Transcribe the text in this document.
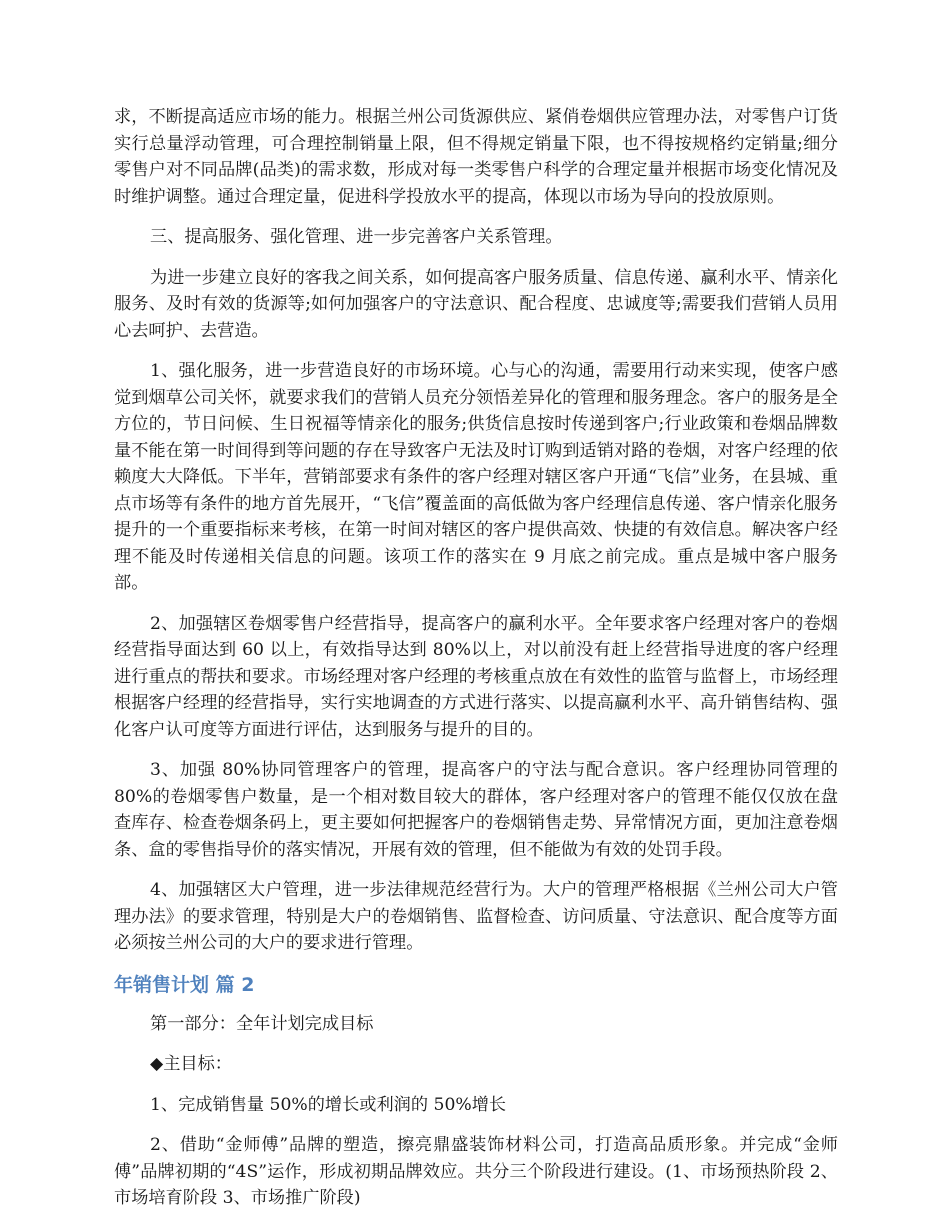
求，不断提高适应市场的能力。根据兰州公司货源供应、紧俏卷烟供应管理办法，对零售户订货实行总量浮动管理，可合理控制销量上限，但不得规定销量下限，也不得按规格约定销量;细分零售户对不同品牌(品类)的需求数，形成对每一类零售户科学的合理定量并根据市场变化情况及时维护调整。通过合理定量，促进科学投放水平的提高，体现以市场为导向的投放原则。

三、提高服务、强化管理、进一步完善客户关系管理。

为进一步建立良好的客我之间关系，如何提高客户服务质量、信息传递、赢利水平、情亲化服务、及时有效的货源等;如何加强客户的守法意识、配合程度、忠诚度等;需要我们营销人员用心去呵护、去营造。

1、强化服务，进一步营造良好的市场环境。心与心的沟通，需要用行动来实现，使客户感觉到烟草公司关怀，就要求我们的营销人员充分领悟差异化的管理和服务理念。客户的服务是全方位的，节日问候、生日祝福等情亲化的服务;供货信息按时传递到客户;行业政策和卷烟品牌数量不能在第一时间得到等问题的存在导致客户无法及时订购到适销对路的卷烟，对客户经理的依赖度大大降低。下半年，营销部要求有条件的客户经理对辖区客户开通“飞信”业务，在县城、重点市场等有条件的地方首先展开，“飞信”覆盖面的高低做为客户经理信息传递、客户情亲化服务提升的一个重要指标来考核，在第一时间对辖区的客户提供高效、快捷的有效信息。解决客户经理不能及时传递相关信息的问题。该项工作的落实在 9 月底之前完成。重点是城中客户服务部。

2、加强辖区卷烟零售户经营指导，提高客户的赢利水平。全年要求客户经理对客户的卷烟经营指导面达到 60 以上，有效指导达到 80%以上，对以前没有赶上经营指导进度的客户经理进行重点的帮扶和要求。市场经理对客户经理的考核重点放在有效性的监管与监督上，市场经理根据客户经理的经营指导，实行实地调查的方式进行落实、以提高赢利水平、高升销售结构、强化客户认可度等方面进行评估，达到服务与提升的目的。

3、加强 80%协同管理客户的管理，提高客户的守法与配合意识。客户经理协同管理的 80%的卷烟零售户数量，是一个相对数目较大的群体，客户经理对客户的管理不能仅仅放在盘查库存、检查卷烟条码上，更主要如何把握客户的卷烟销售走势、异常情况方面，更加注意卷烟条、盒的零售指导价的落实情况，开展有效的管理，但不能做为有效的处罚手段。

4、加强辖区大户管理，进一步法律规范经营行为。大户的管理严格根据《兰州公司大户管理办法》的要求管理，特别是大户的卷烟销售、监督检查、访问质量、守法意识、配合度等方面必须按兰州公司的大户的要求进行管理。

年销售计划 篇 2

第一部分：全年计划完成目标

◆主目标：

1、完成销售量 50%的增长或利润的 50%增长

2、借助“金师傅”品牌的塑造，擦亮鼎盛装饰材料公司，打造高品质形象。并完成“金师傅”品牌初期的“4S”运作，形成初期品牌效应。共分三个阶段进行建设。(1、市场预热阶段 2、市场培育阶段 3、市场推广阶段)
